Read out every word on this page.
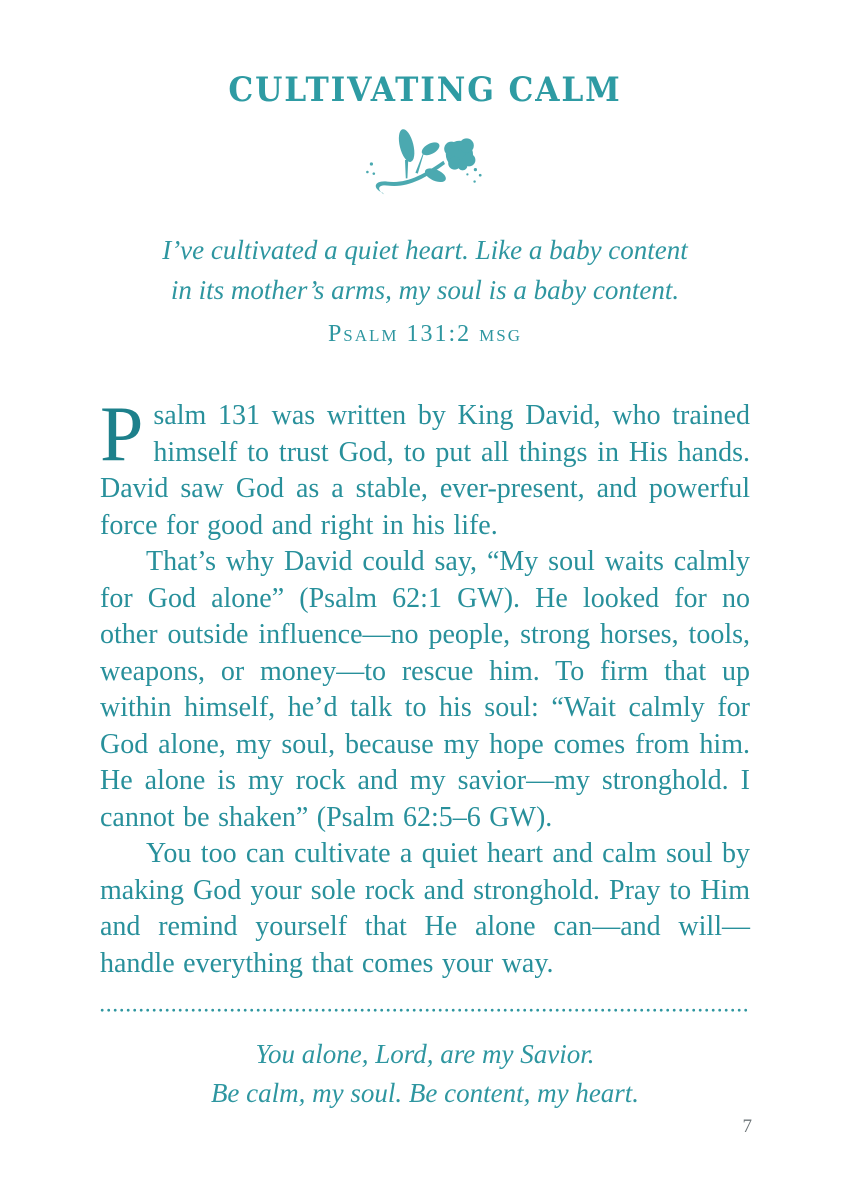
CULTIVATING CALM
I’ve cultivated a quiet heart. Like a baby content
in its mother’s arms, my soul is a baby content.
Psalm 131:2 msg

Psalm 131 was written by King David, who trained himself to trust God, to put all things in His hands. David saw God as a stable, ever-present, and powerful force for good and right in his life.

That’s why David could say, “My soul waits calmly for God alone” (Psalm 62:1 GW). He looked for no other outside influence—no people, strong horses, tools, weapons, or money—to rescue him. To firm that up within himself, he’d talk to his soul: “Wait calmly for God alone, my soul, because my hope comes from him. He alone is my rock and my savior—my stronghold. I cannot be shaken” (Psalm 62:5–6 GW).

You too can cultivate a quiet heart and calm soul by making God your sole rock and stronghold. Pray to Him and remind yourself that He alone can—and will—handle everything that comes your way.

You alone, Lord, are my Savior.
Be calm, my soul. Be content, my heart.
7
